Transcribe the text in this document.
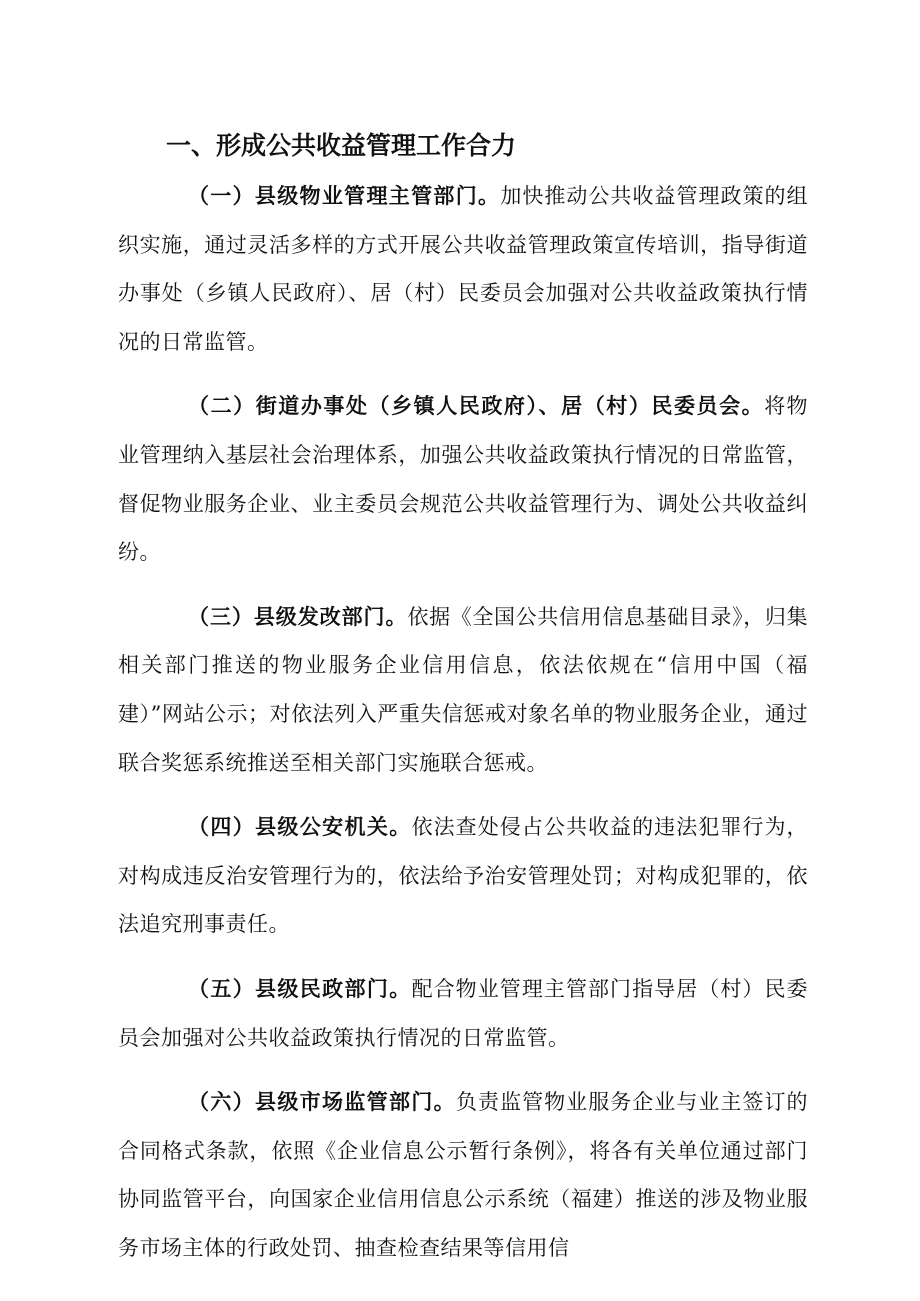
一、形成公共收益管理工作合力

（一）县级物业管理主管部门。加快推动公共收益管理政策的组织实施，通过灵活多样的方式开展公共收益管理政策宣传培训，指导街道办事处（乡镇人民政府）、居（村）民委员会加强对公共收益政策执行情况的日常监管。

（二）街道办事处（乡镇人民政府）、居（村）民委员会。将物业管理纳入基层社会治理体系，加强公共收益政策执行情况的日常监管，督促物业服务企业、业主委员会规范公共收益管理行为、调处公共收益纠纷。

（三）县级发改部门。依据《全国公共信用信息基础目录》，归集相关部门推送的物业服务企业信用信息，依法依规在“信用中国（福建）”网站公示；对依法列入严重失信惩戒对象名单的物业服务企业，通过联合奖惩系统推送至相关部门实施联合惩戒。

（四）县级公安机关。依法查处侵占公共收益的违法犯罪行为，对构成违反治安管理行为的，依法给予治安管理处罚；对构成犯罪的，依法追究刑事责任。

（五）县级民政部门。配合物业管理主管部门指导居（村）民委员会加强对公共收益政策执行情况的日常监管。

（六）县级市场监管部门。负责监管物业服务企业与业主签订的合同格式条款，依照《企业信息公示暂行条例》，将各有关单位通过部门协同监管平台，向国家企业信用信息公示系统（福建）推送的涉及物业服务市场主体的行政处罚、抽查检查结果等信用信
